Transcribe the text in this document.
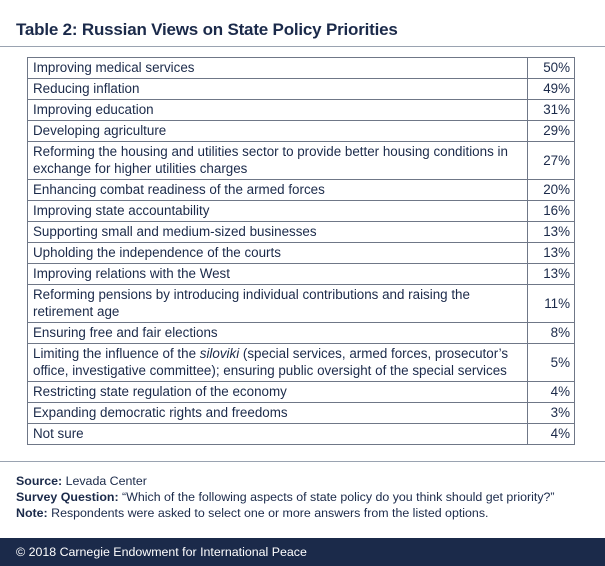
Table 2: Russian Views on State Policy Priorities
Improving medical services	50%
Reducing inflation	49%
Improving education	31%
Developing agriculture	29%
Reforming the housing and utilities sector to provide better housing conditions in exchange for higher utilities charges	27%
Enhancing combat readiness of the armed forces	20%
Improving state accountability	16%
Supporting small and medium-sized businesses	13%
Upholding the independence of the courts	13%
Improving relations with the West	13%
Reforming pensions by introducing individual contributions and raising the retirement age	11%
Ensuring free and fair elections	8%
Limiting the influence of the siloviki (special services, armed forces, prosecutor’s office, investigative committee); ensuring public oversight of the special services	5%
Restricting state regulation of the economy	4%
Expanding democratic rights and freedoms	3%
Not sure	4%
Source: Levada Center
Survey Question: “Which of the following aspects of state policy do you think should get priority?”
Note: Respondents were asked to select one or more answers from the listed options.
© 2018 Carnegie Endowment for International Peace
